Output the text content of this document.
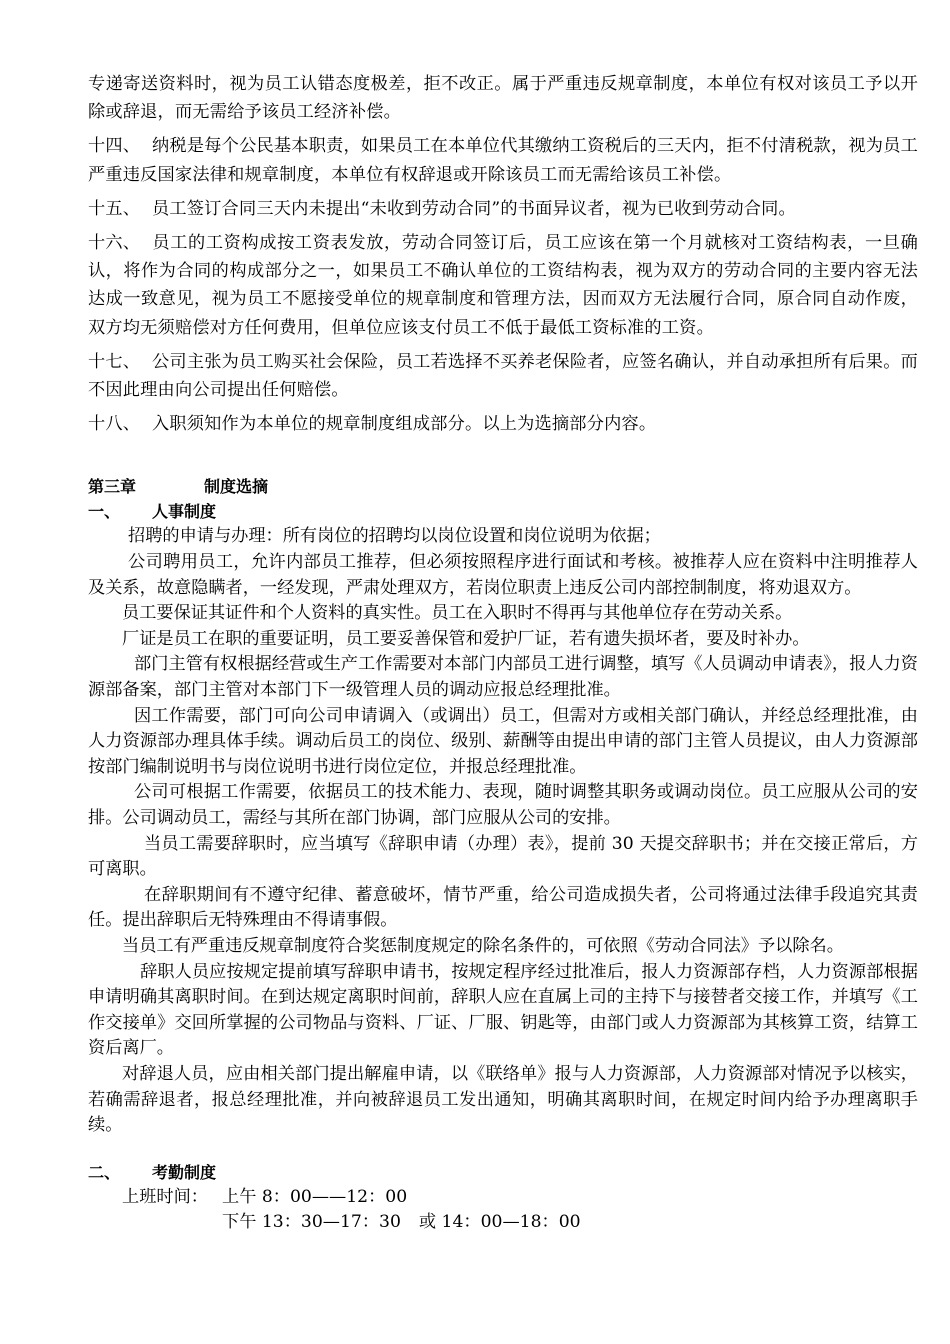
专递寄送资料时，视为员工认错态度极差，拒不改正。属于严重违反规章制度，本单位有权对该员工予以开除或辞退，而无需给予该员工经济补偿。

十四、 纳税是每个公民基本职责，如果员工在本单位代其缴纳工资税后的三天内，拒不付清税款，视为员工严重违反国家法律和规章制度，本单位有权辞退或开除该员工而无需给该员工补偿。

十五、 员工签订合同三天内未提出“未收到劳动合同”的书面异议者，视为已收到劳动合同。

十六、 员工的工资构成按工资表发放，劳动合同签订后，员工应该在第一个月就核对工资结构表，一旦确认，将作为合同的构成部分之一，如果员工不确认单位的工资结构表，视为双方的劳动合同的主要内容无法达成一致意见，视为员工不愿接受单位的规章制度和管理方法，因而双方无法履行合同，原合同自动作废，双方均无须赔偿对方任何费用，但单位应该支付员工不低于最低工资标准的工资。

十七、 公司主张为员工购买社会保险，员工若选择不买养老保险者，应签名确认，并自动承担所有后果。而不因此理由向公司提出任何赔偿。

十八、 入职须知作为本单位的规章制度组成部分。以上为选摘部分内容。

第三章	制度选摘

一、 人事制度

招聘的申请与办理：所有岗位的招聘均以岗位设置和岗位说明为依据；

公司聘用员工，允许内部员工推荐，但必须按照程序进行面试和考核。被推荐人应在资料中注明推荐人及关系，故意隐瞒者，一经发现，严肃处理双方，若岗位职责上违反公司内部控制制度，将劝退双方。

员工要保证其证件和个人资料的真实性。员工在入职时不得再与其他单位存在劳动关系。

厂证是员工在职的重要证明，员工要妥善保管和爱护厂证，若有遗失损坏者，要及时补办。

部门主管有权根据经营或生产工作需要对本部门内部员工进行调整，填写《人员调动申请表》，报人力资源部备案，部门主管对本部门下一级管理人员的调动应报总经理批准。

因工作需要，部门可向公司申请调入（或调出）员工，但需对方或相关部门确认，并经总经理批准，由人力资源部办理具体手续。调动后员工的岗位、级别、薪酬等由提出申请的部门主管人员提议，由人力资源部按部门编制说明书与岗位说明书进行岗位定位，并报总经理批准。

公司可根据工作需要，依据员工的技术能力、表现，随时调整其职务或调动岗位。员工应服从公司的安排。公司调动员工，需经与其所在部门协调，部门应服从公司的安排。

当员工需要辞职时，应当填写《辞职申请（办理）表》，提前 30 天提交辞职书；并在交接正常后，方可离职。

在辞职期间有不遵守纪律、蓄意破坏，情节严重，给公司造成损失者，公司将通过法律手段追究其责任。提出辞职后无特殊理由不得请事假。

当员工有严重违反规章制度符合奖惩制度规定的除名条件的，可依照《劳动合同法》予以除名。

辞职人员应按规定提前填写辞职申请书，按规定程序经过批准后，报人力资源部存档，人力资源部根据申请明确其离职时间。在到达规定离职时间前，辞职人应在直属上司的主持下与接替者交接工作，并填写《工作交接单》交回所掌握的公司物品与资料、厂证、厂服、钥匙等，由部门或人力资源部为其核算工资，结算工资后离厂。

对辞退人员，应由相关部门提出解雇申请，以《联络单》报与人力资源部，人力资源部对情况予以核实，若确需辞退者，报总经理批准，并向被辞退员工发出通知，明确其离职时间，在规定时间内给予办理离职手续。

二、 考勤制度

上班时间： 上午 8：00——12：00

下午 13：30—17：30 或 14：00—18：00
